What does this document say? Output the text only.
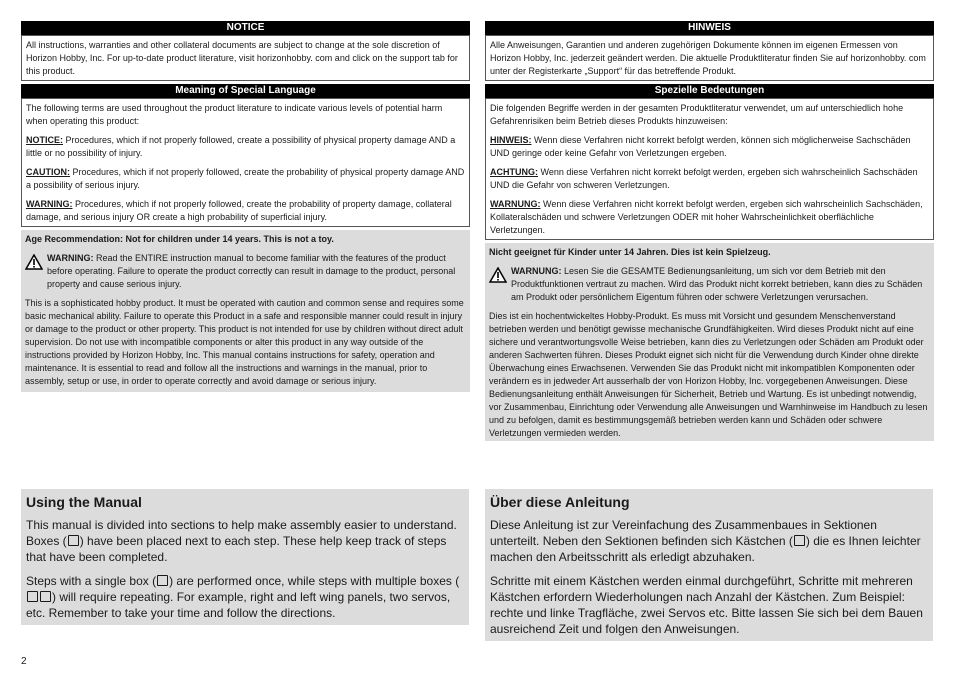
NOTICE
All instructions, warranties and other collateral documents are subject to change at the sole discretion of Horizon Hobby, Inc. For up-to-date product literature, visit horizonhobby. com and click on the support tab for this product.
Meaning of Special Language

The following terms are used throughout the product literature to indicate various levels of potential harm when operating this product:

NOTICE: Procedures, which if not properly followed, create a possibility of physical property damage AND a little or no possibility of injury.

CAUTION: Procedures, which if not properly followed, create the probability of physical property damage AND a possibility of serious injury.

WARNING: Procedures, which if not properly followed, create the probability of property damage, collateral damage, and serious injury OR create a high probability of superficial injury.

Age Recommendation: Not for children under 14 years. This is not a toy.

WARNING: Read the ENTIRE instruction manual to become familiar with the features of the product before operating. Failure to operate the product correctly can result in damage to the product, personal property and cause serious injury.

This is a sophisticated hobby product. It must be operated with caution and common sense and requires some basic mechanical ability. Failure to operate this Product in a safe and responsible manner could result in injury or damage to the product or other property. This product is not intended for use by children without direct adult supervision. Do not use with incompatible components or alter this product in any way outside of the instructions provided by Horizon Hobby, Inc. This manual contains instructions for safety, operation and maintenance. It is essential to read and follow all the instructions and warnings in the manual, prior to assembly, setup or use, in order to operate correctly and avoid damage or serious injury.

HINWEIS
Alle Anweisungen, Garantien und anderen zugehörigen Dokumente können im eigenen Ermessen von Horizon Hobby, Inc. jederzeit geändert werden. Die aktuelle Produktliteratur finden Sie auf horizonhobby. com unter der Registerkarte „Support“ für das betreffende Produkt.
Spezielle Bedeutungen

Die folgenden Begriffe werden in der gesamten Produktliteratur verwendet, um auf unterschiedlich hohe Gefahrenrisiken beim Betrieb dieses Produkts hinzuweisen:

HINWEIS: Wenn diese Verfahren nicht korrekt befolgt werden, können sich möglicherweise Sachschäden UND geringe oder keine Gefahr von Verletzungen ergeben.

ACHTUNG: Wenn diese Verfahren nicht korrekt befolgt werden, ergeben sich wahrscheinlich Sachschäden UND die Gefahr von schweren Verletzungen.

WARNUNG: Wenn diese Verfahren nicht korrekt befolgt werden, ergeben sich wahrscheinlich Sachschäden, Kollateralschäden und schwere Verletzungen ODER mit hoher Wahrscheinlichkeit oberflächliche Verletzungen.

Nicht geeignet für Kinder unter 14 Jahren. Dies ist kein Spielzeug.

WARNUNG: Lesen Sie die GESAMTE Bedienungsanleitung, um sich vor dem Betrieb mit den Produktfunktionen vertraut zu machen. Wird das Produkt nicht korrekt betrieben, kann dies zu Schäden am Produkt oder persönlichem Eigentum führen oder schwere Verletzungen verursachen.

Dies ist ein hochentwickeltes Hobby-Produkt. Es muss mit Vorsicht und gesundem Menschenverstand betrieben werden und benötigt gewisse mechanische Grundfähigkeiten. Wird dieses Produkt nicht auf eine sichere und verantwortungsvolle Weise betrieben, kann dies zu Verletzungen oder Schäden am Produkt oder anderen Sachwerten führen. Dieses Produkt eignet sich nicht für die Verwendung durch Kinder ohne direkte Überwachung eines Erwachsenen. Verwenden Sie das Produkt nicht mit inkompatiblen Komponenten oder verändern es in jedweder Art ausserhalb der von Horizon Hobby, Inc. vorgegebenen Anweisungen. Diese Bedienungsanleitung enthält Anweisungen für Sicherheit, Betrieb und Wartung. Es ist unbedingt notwendig, vor Zusammenbau, Einrichtung oder Verwendung alle Anweisungen und Warnhinweise im Handbuch zu lesen und zu befolgen, damit es bestimmungsgemäß betrieben werden kann und Schäden oder schwere Verletzungen vermieden werden.

Using the Manual

This manual is divided into sections to help make assembly easier to understand. Boxes ( ) have been placed next to each step. These help keep track of steps that have been completed.

Steps with a single box ( ) are performed once, while steps with multiple boxes () will require repeating. For example, right and left wing panels, two servos, etc. Remember to take your time and follow the directions.

Über diese Anleitung

Diese Anleitung ist zur Vereinfachung des Zusammenbaues in Sektionen unterteilt. Neben den Sektionen befinden sich Kästchen ( ) die es Ihnen leichter machen den Arbeitsschritt als erledigt abzuhaken.

Schritte mit einem Kästchen werden einmal durchgeführt, Schritte mit mehreren Kästchen erfordern Wiederholungen nach Anzahl der Kästchen. Zum Beispiel: rechte und linke Tragfläche, zwei Servos etc. Bitte lassen Sie sich bei dem Bauen ausreichend Zeit und folgen den Anweisungen.

2
